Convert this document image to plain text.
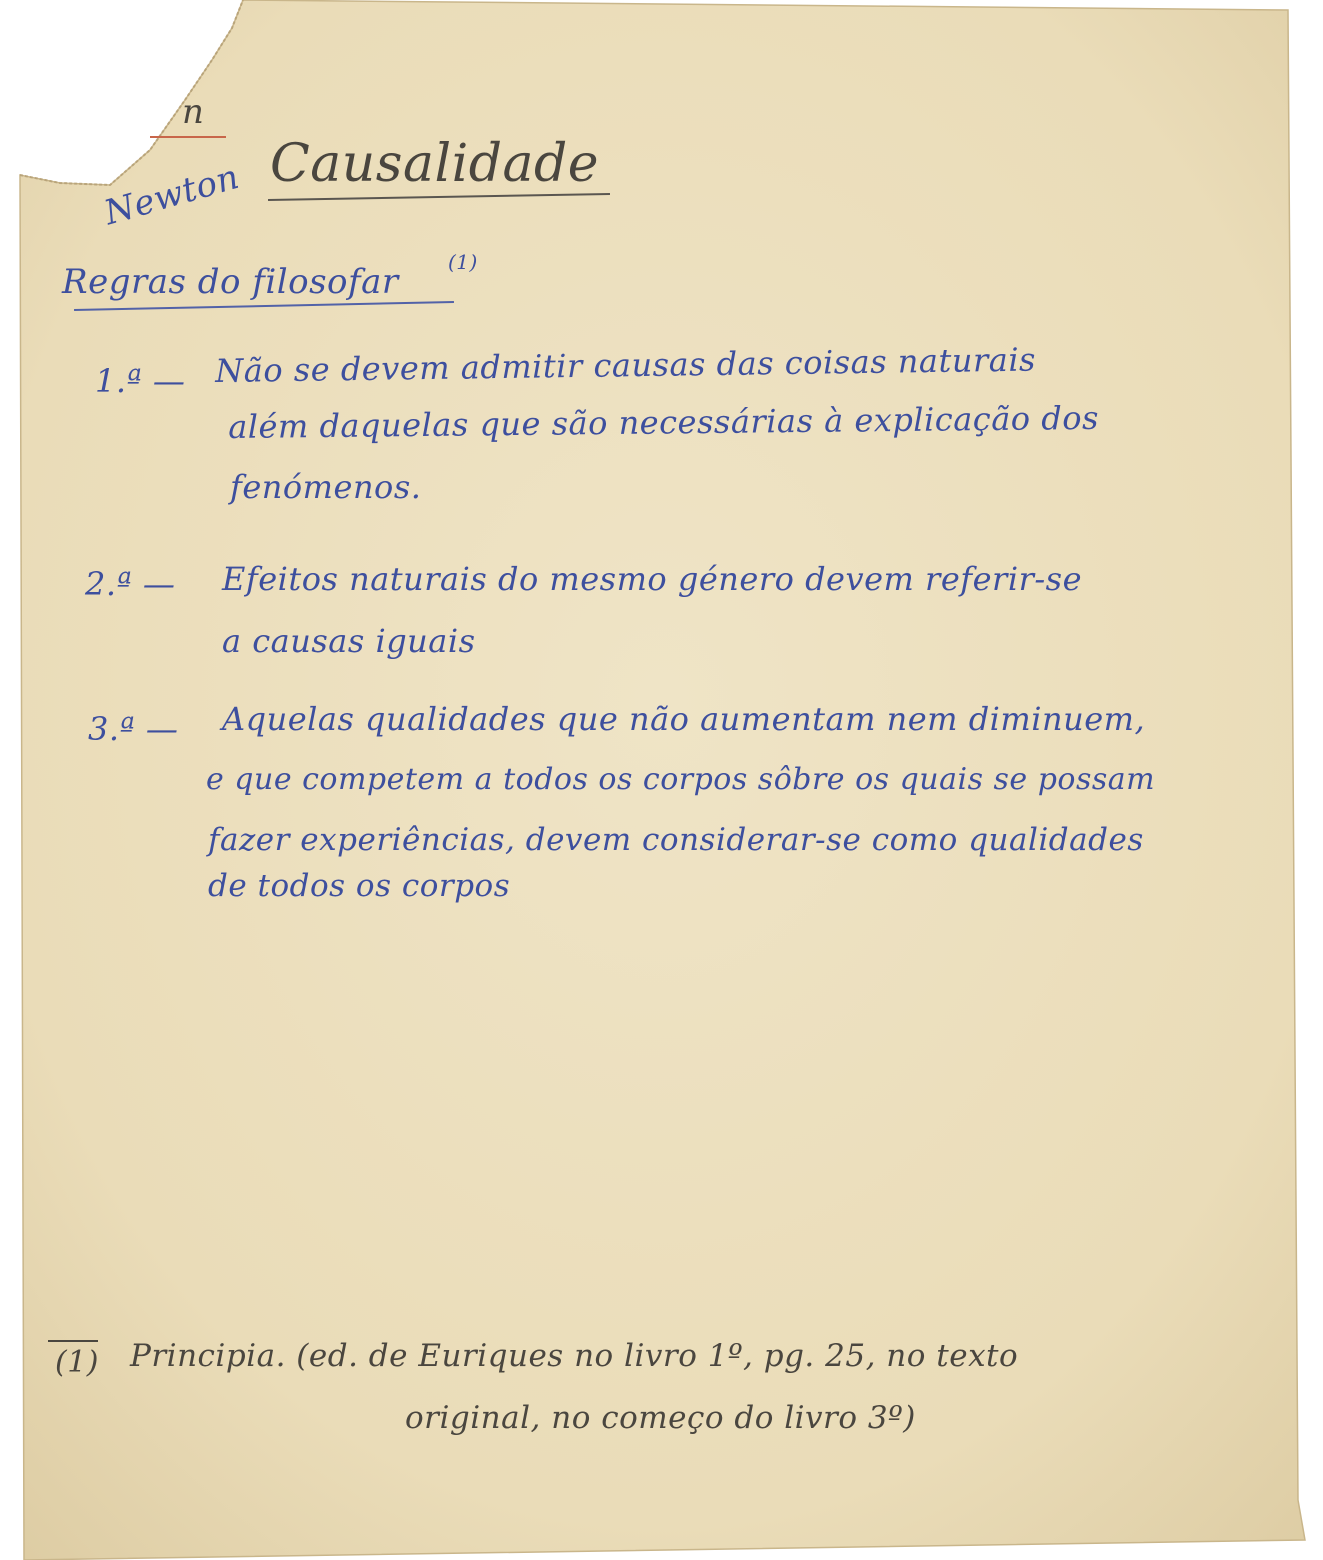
n
Newton Causalidade
Regras do filosofar (1)
1.ª — Não se devem admitir causas das coisas naturais
além daquelas que são necessárias à explicação dos
fenómenos.
2.ª — Efeitos naturais do mesmo género devem referir-se
a causas iguais
3.ª — Aquelas qualidades que não aumentam nem diminuem,
e que competem a todos os corpos sôbre os quais se possam
fazer experiências, devem considerar-se como qualidades
de todos os corpos
(1) Principia. (ed. de Euriques no livro 1º, pg. 25, no texto
original, no começo do livro 3º)
